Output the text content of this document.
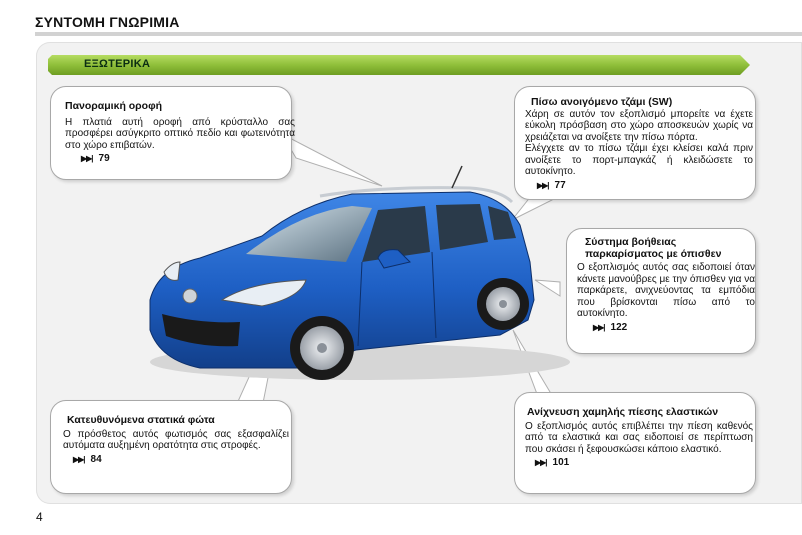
ΣΥΝΤΟΜΗ ΓΝΩΡΙΜΙΑ
ΕΞΩΤΕΡΙΚΑ
Πανοραμική οροφή
Η πλατιά αυτή οροφή από κρύσταλλο σας προσφέρει ασύγκριτο οπτικό πεδίο και φωτεινότητα στο χώρο επιβατών.
▶▶| 79
Πίσω ανοιγόμενο τζάμι (SW)
Χάρη σε αυτόν τον εξοπλισμό μπορείτε να έχετε εύκολη πρόσβαση στο χώρο αποσκευών χωρίς να χρειάζεται να ανοίξετε την πίσω πόρτα.
Ελέγχετε αν το πίσω τζάμι έχει κλείσει καλά πριν ανοίξετε το πορτ-μπαγκάζ ή κλειδώσετε το αυτοκίνητο.
▶▶| 77
Σύστημα βοήθειας παρκαρίσματος με όπισθεν
Ο εξοπλισμός αυτός σας ειδοποιεί όταν κάνετε μανούβρες με την όπισθεν για να παρκάρετε, ανιχνεύοντας τα εμπόδια που βρίσκονται πίσω από το αυτοκίνητο.
▶▶| 122
Κατευθυνόμενα στατικά φώτα
Ο πρόσθετος αυτός φωτισμός σας εξασφαλίζει αυτόματα αυξημένη ορατότητα στις στροφές.
▶▶| 84
Ανίχνευση χαμηλής πίεσης ελαστικών
Ο εξοπλισμός αυτός επιβλέπει την πίεση καθενός από τα ελαστικά και σας ειδοποιεί σε περίπτωση που σκάσει ή ξεφουσκώσει κάποιο ελαστικό.
▶▶| 101
4
